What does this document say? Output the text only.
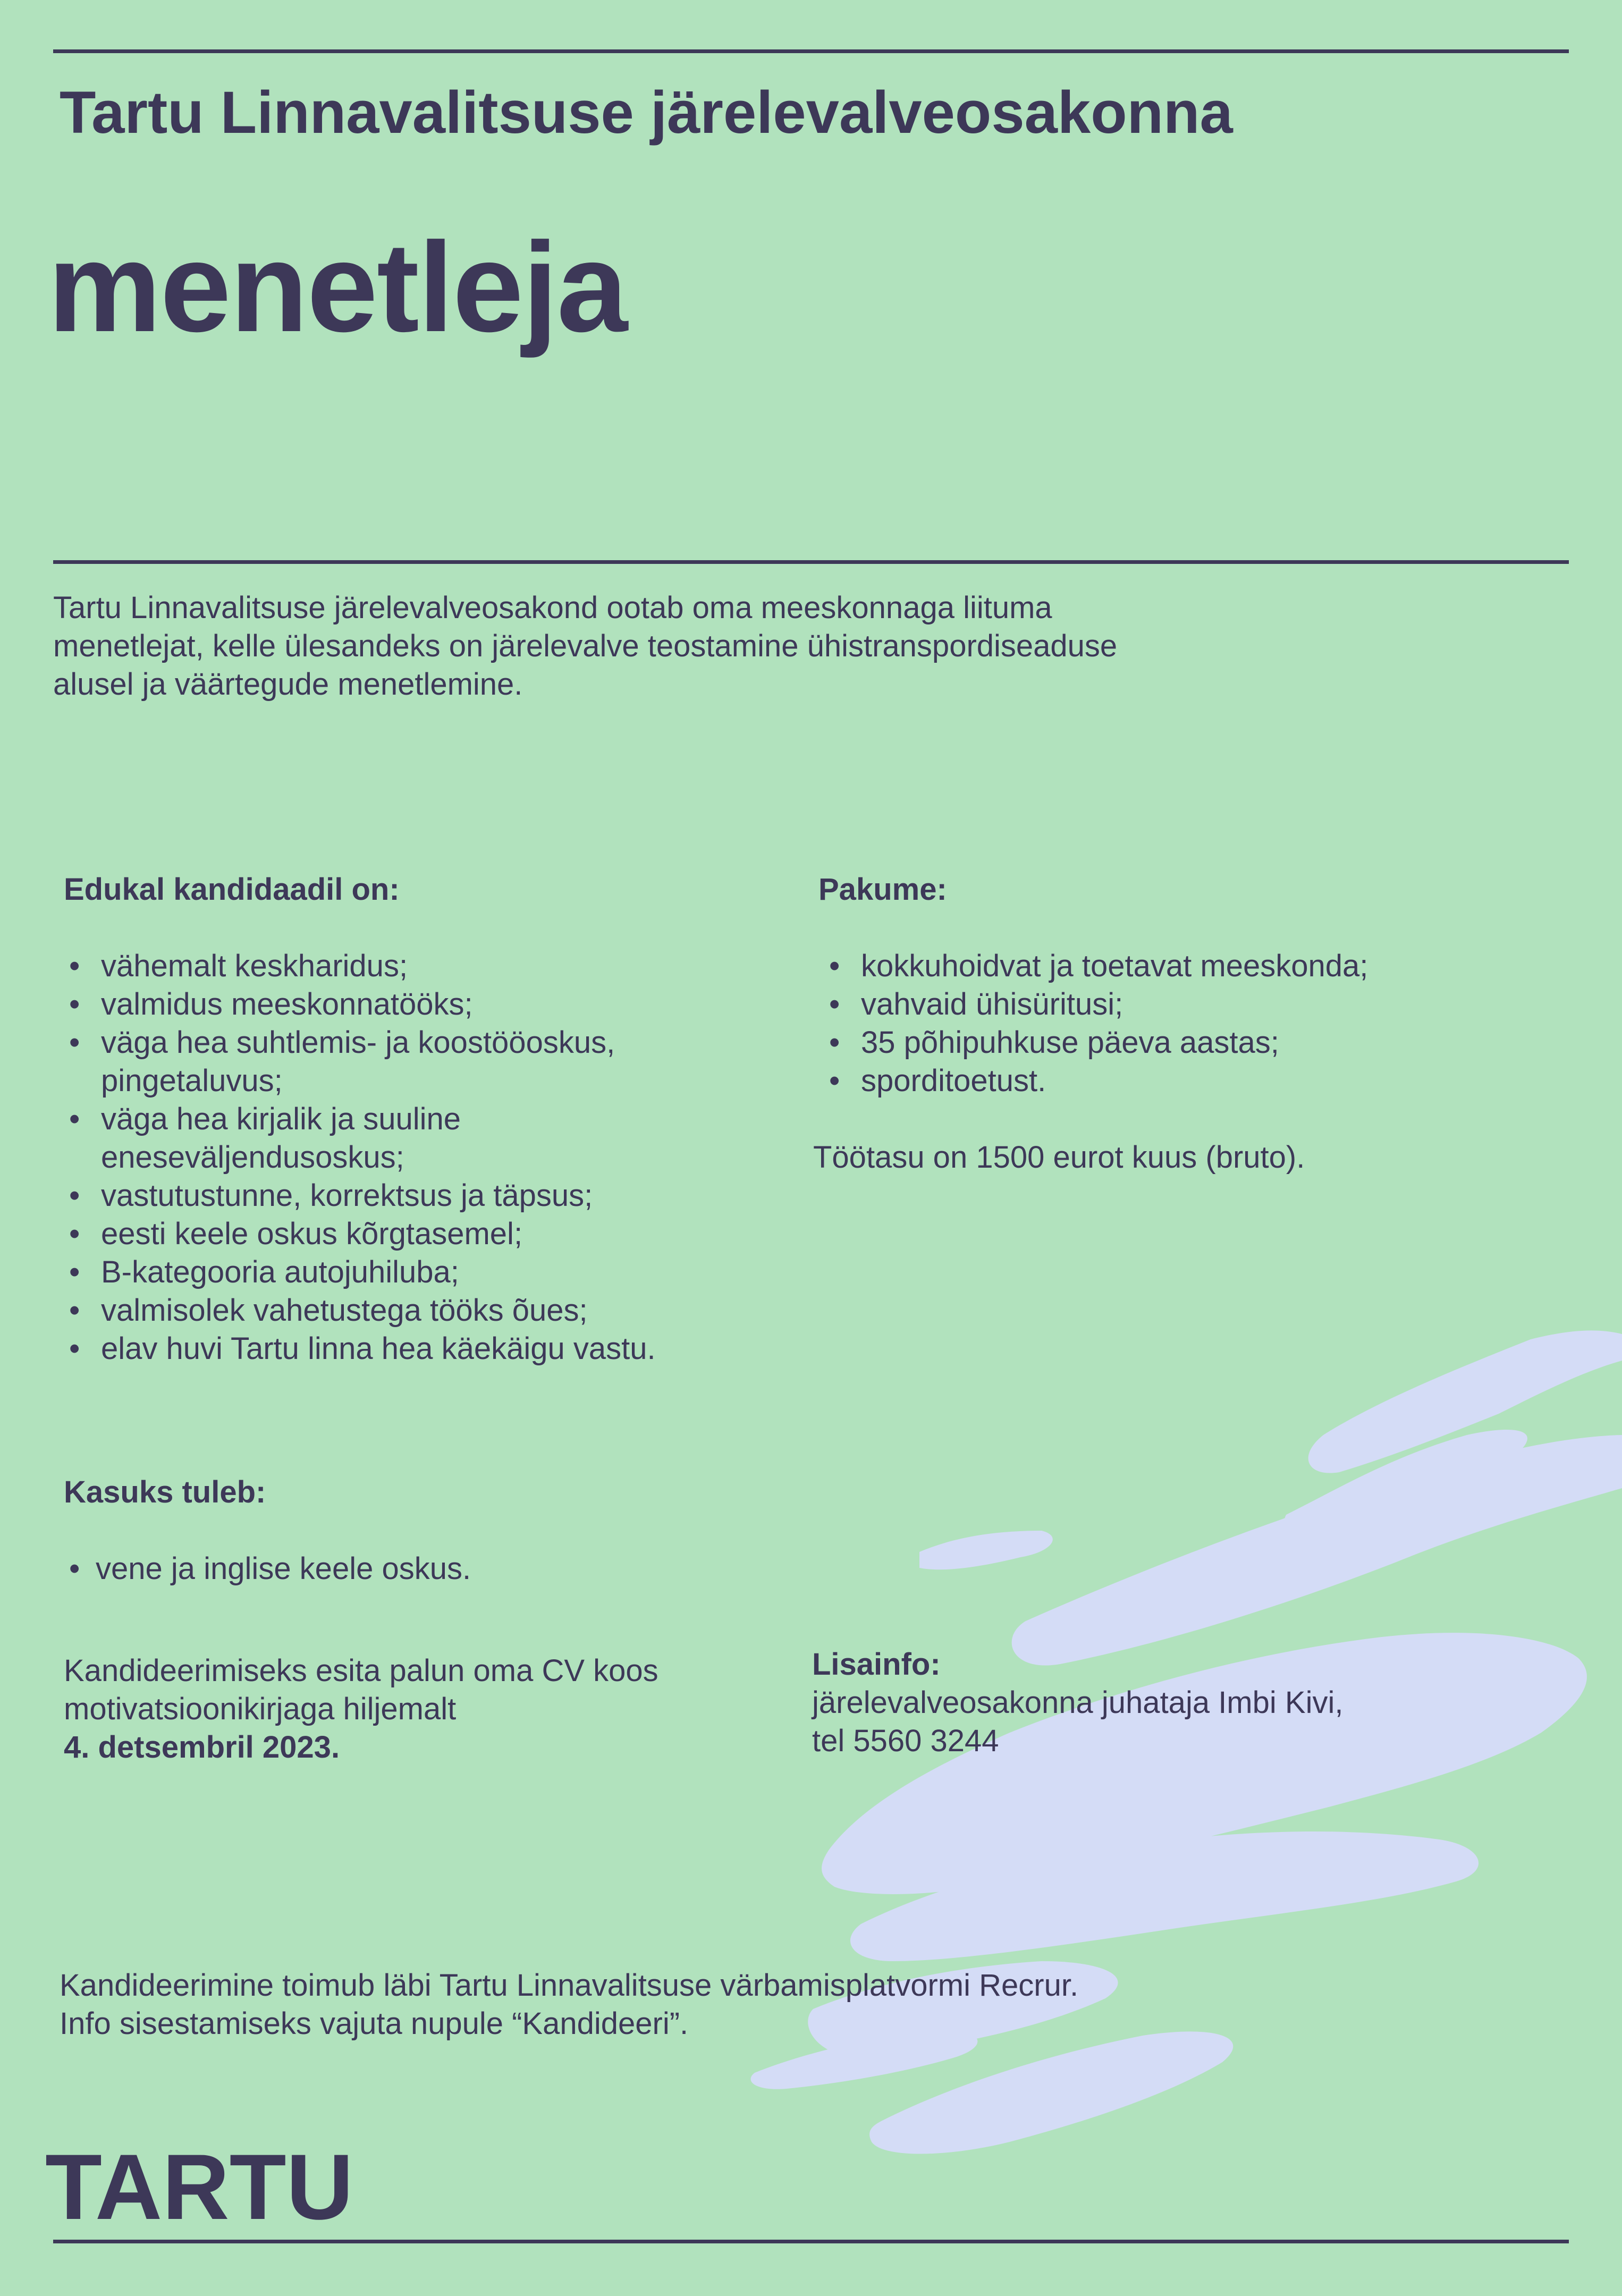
Tartu Linnavalitsuse järelevalveosakonna
menetleja
Tartu Linnavalitsuse järelevalveosakond ootab oma meeskonnaga liituma
menetlejat, kelle ülesandeks on järelevalve teostamine ühistranspordiseaduse
alusel ja väärtegude menetlemine.
Edukal kandidaadil on:
• vähemalt keskharidus;
• valmidus meeskonnatööks;
• väga hea suhtlemis- ja koostööoskus,
pingetaluvus;
• väga hea kirjalik ja suuline
eneseväljendusoskus;
• vastutustunne, korrektsus ja täpsus;
• eesti keele oskus kõrgtasemel;
• B-kategooria autojuhiluba;
• valmisolek vahetustega tööks õues;
• elav huvi Tartu linna hea käekäigu vastu.
Pakume:
• kokkuhoidvat ja toetavat meeskonda;
• vahvaid ühisüritusi;
• 35 põhipuhkuse päeva aastas;
• sporditoetust.
Töötasu on 1500 eurot kuus (bruto).
Kasuks tuleb:
• vene ja inglise keele oskus.
Kandideerimiseks esita palun oma CV koos
motivatsioonikirjaga hiljemalt
4. detsembril 2023.
Lisainfo:
järelevalveosakonna juhataja Imbi Kivi,
tel 5560 3244
Kandideerimine toimub läbi Tartu Linnavalitsuse värbamisplatvormi Recrur.
Info sisestamiseks vajuta nupule “Kandideeri”.
TARTU
